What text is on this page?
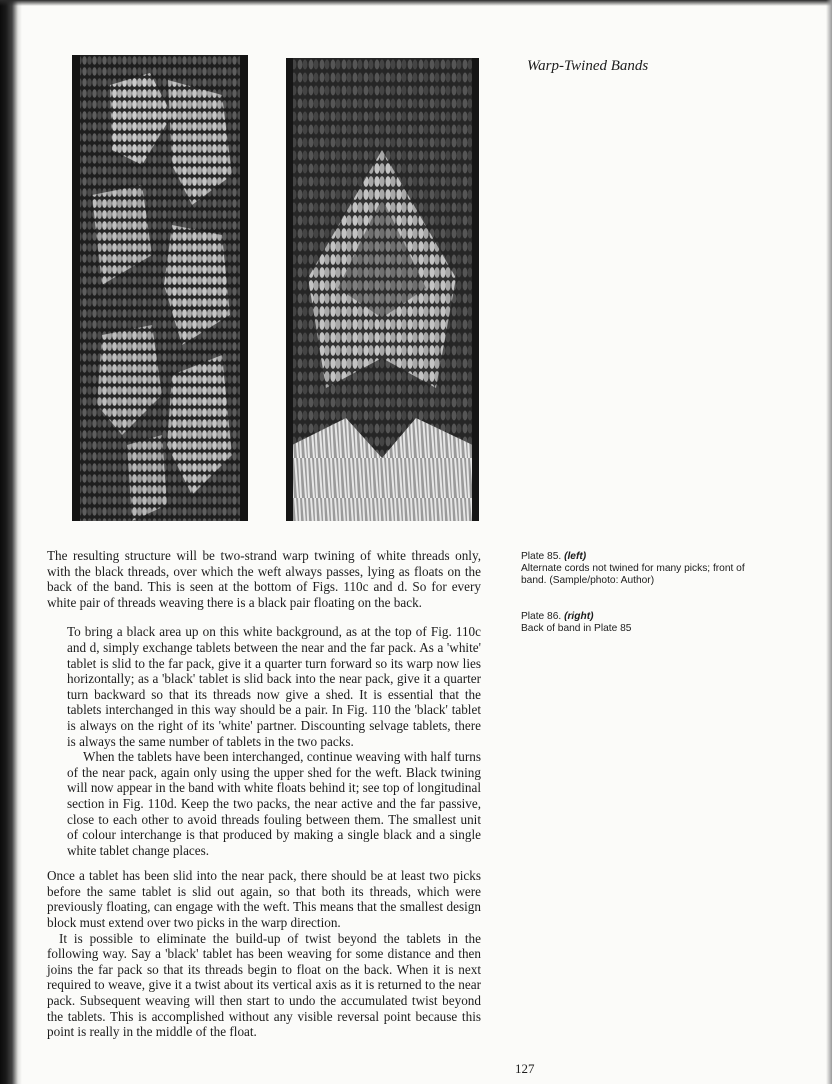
Warp-Twined Bands

The resulting structure will be two-strand warp twining of white threads only, with the black threads, over which the weft always passes, lying as floats on the back of the band. This is seen at the bottom of Figs. 110c and d. So for every white pair of threads weaving there is a black pair floating on the back.

To bring a black area up on this white background, as at the top of Fig. 110c and d, simply exchange tablets between the near and the far pack. As a 'white' tablet is slid to the far pack, give it a quarter turn forward so its warp now lies horizontally; as a 'black' tablet is slid back into the near pack, give it a quarter turn backward so that its threads now give a shed. It is essential that the tablets interchanged in this way should be a pair. In Fig. 110 the 'black' tablet is always on the right of its 'white' partner. Discounting selvage tablets, there is always the same number of tablets in the two packs.

When the tablets have been interchanged, continue weaving with half turns of the near pack, again only using the upper shed for the weft. Black twining will now appear in the band with white floats behind it; see top of longitudinal section in Fig. 110d. Keep the two packs, the near active and the far passive, close to each other to avoid threads fouling between them. The smallest unit of colour interchange is that produced by making a single black and a single white tablet change places.

Once a tablet has been slid into the near pack, there should be at least two picks before the same tablet is slid out again, so that both its threads, which were previously floating, can engage with the weft. This means that the smallest design block must extend over two picks in the warp direction.

It is possible to eliminate the build-up of twist beyond the tablets in the following way. Say a 'black' tablet has been weaving for some distance and then joins the far pack so that its threads begin to float on the back. When it is next required to weave, give it a twist about its vertical axis as it is returned to the near pack. Subsequent weaving will then start to undo the accumulated twist beyond the tablets. This is accomplished without any visible reversal point because this point is really in the middle of the float.

Plate 85. (left)
Alternate cords not twined for many picks; front of band. (Sample/photo: Author)
Plate 86. (right)
Back of band in Plate 85
127
